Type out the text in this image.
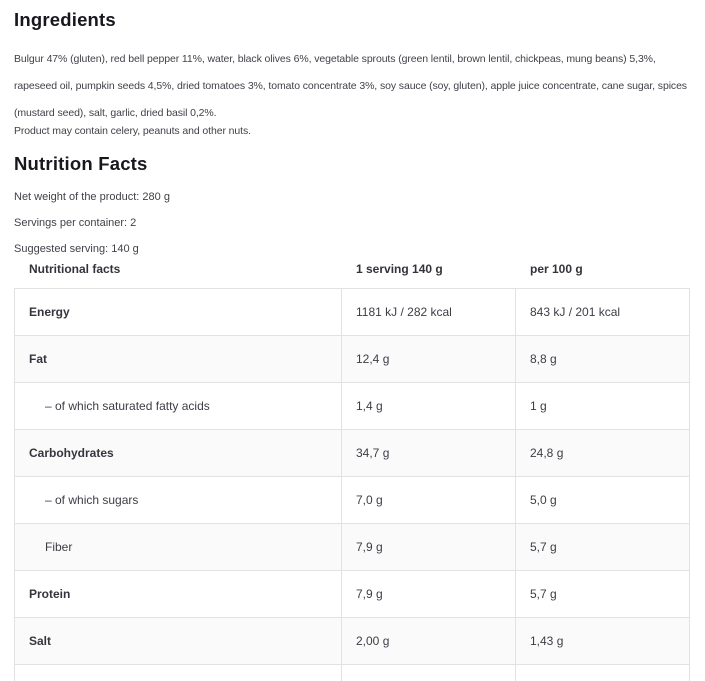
Ingredients

Bulgur 47% (gluten), red bell pepper 11%, water, black olives 6%, vegetable sprouts (green lentil, brown lentil, chickpeas, mung beans) 5,3%, rapeseed oil, pumpkin seeds 4,5%, dried tomatoes 3%, tomato concentrate 3%, soy sauce (soy, gluten), apple juice concentrate, cane sugar, spices (mustard seed), salt, garlic, dried basil 0,2%.

Product may contain celery, peanuts and other nuts.

Nutrition Facts

Net weight of the product: 280 g

Servings per container: 2

Suggested serving: 140 g

Nutritional facts	1 serving 140 g	per 100 g
Energy	1181 kJ / 282 kcal	843 kJ / 201 kcal
Fat	12,4 g	8,8 g
– of which saturated fatty acids	1,4 g	1 g
Carbohydrates	34,7 g	24,8 g
– of which sugars	7,0 g	5,0 g
Fiber	7,9 g	5,7 g
Protein	7,9 g	5,7 g
Salt	2,00 g	1,43 g
